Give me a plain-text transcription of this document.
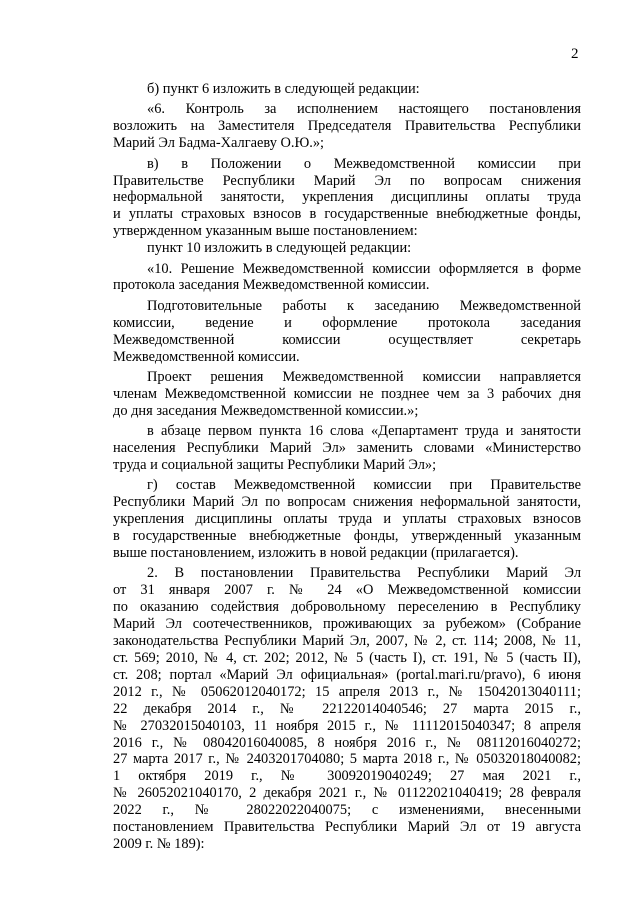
2

б) пункт 6 изложить в следующей редакции:

«6. Контроль за исполнением настоящего постановления

возложить на Заместителя Председателя Правительства Республики

Марий Эл Бадма-Халгаеву О.Ю.»;

в) в Положении о Межведомственной комиссии при

Правительстве Республики Марий Эл по вопросам снижения

неформальной занятости, укрепления дисциплины оплаты труда

и уплаты страховых взносов в государственные внебюджетные фонды,

утвержденном указанным выше постановлением:

пункт 10 изложить в следующей редакции:

«10. Решение Межведомственной комиссии оформляется в форме

протокола заседания Межведомственной комиссии.

Подготовительные работы к заседанию Межведомственной

комиссии, ведение и оформление протокола заседания

Межведомственной комиссии осуществляет секретарь

Межведомственной комиссии.

Проект решения Межведомственной комиссии направляется

членам Межведомственной комиссии не позднее чем за 3 рабочих дня

до дня заседания Межведомственной комиссии.»;

в абзаце первом пункта 16 слова «Департамент труда и занятости

населения Республики Марий Эл» заменить словами «Министерство

труда и социальной защиты Республики Марий Эл»;

г) состав Межведомственной комиссии при Правительстве

Республики Марий Эл по вопросам снижения неформальной занятости,

укрепления дисциплины оплаты труда и уплаты страховых взносов

в государственные внебюджетные фонды, утвержденный указанным

выше постановлением, изложить в новой редакции (прилагается).

2. В постановлении Правительства Республики Марий Эл

от 31 января 2007 г. № 24 «О Межведомственной комиссии

по оказанию содействия добровольному переселению в Республику

Марий Эл соотечественников, проживающих за рубежом» (Собрание

законодательства Республики Марий Эл, 2007, № 2, ст. 114; 2008, № 11,

ст. 569; 2010, № 4, ст. 202; 2012, № 5 (часть I), ст. 191, № 5 (часть II),

ст. 208; портал «Марий Эл официальная» (portal.mari.ru/pravo), 6 июня

2012 г., № 05062012040172; 15 апреля 2013 г., № 15042013040111;

22 декабря 2014 г., № 22122014040546; 27 марта 2015 г.,

№ 27032015040103, 11 ноября 2015 г., № 11112015040347; 8 апреля

2016 г., № 08042016040085, 8 ноября 2016 г., № 08112016040272;

27 марта 2017 г., № 2403201704080; 5 марта 2018 г., № 05032018040082;

1 октября 2019 г., № 30092019040249; 27 мая 2021 г.,

№ 26052021040170, 2 декабря 2021 г., № 01122021040419; 28 февраля

2022 г., № 28022022040075; с изменениями, внесенными

постановлением Правительства Республики Марий Эл от 19 августа

2009 г. № 189):
